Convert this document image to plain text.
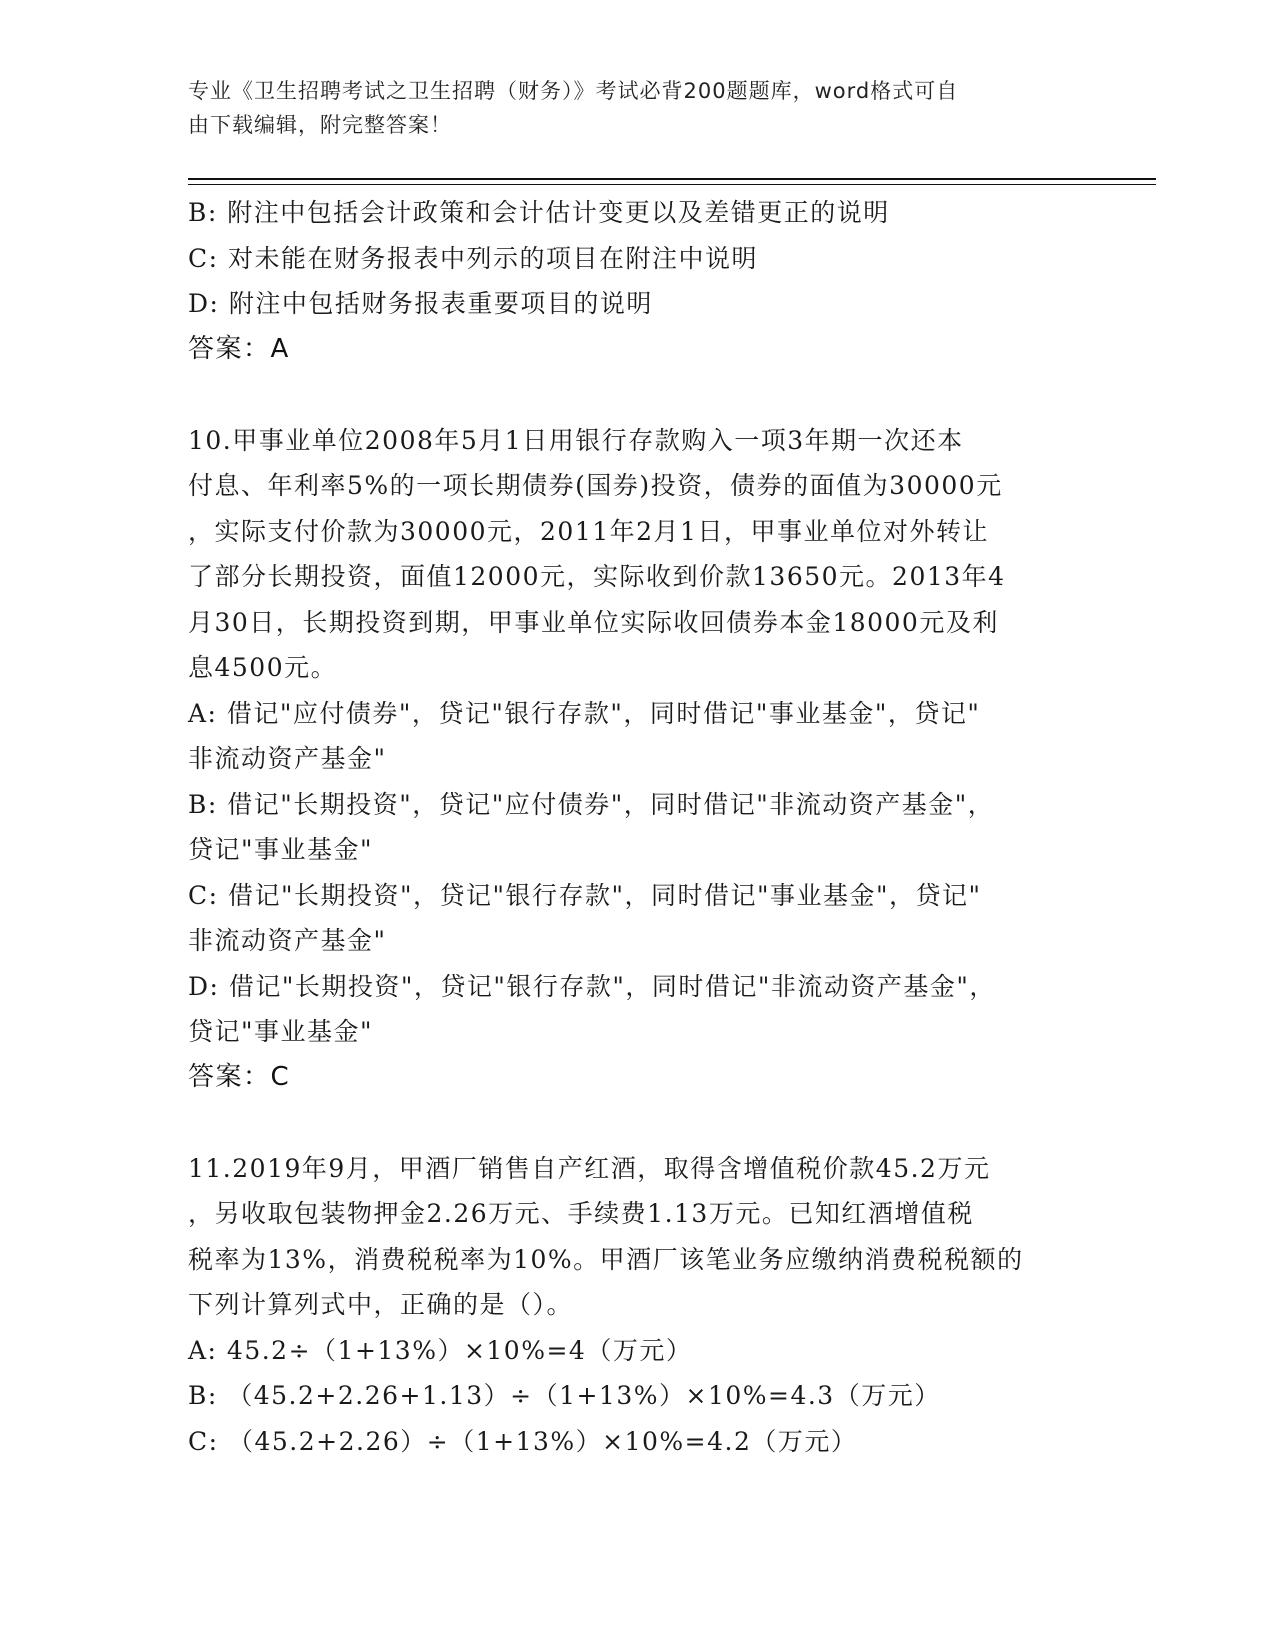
专业《卫生招聘考试之卫生招聘（财务）》考试必背200题题库，word格式可自
由下载编辑，附完整答案！
B: 附注中包括会计政策和会计估计变更以及差错更正的说明
C: 对未能在财务报表中列示的项目在附注中说明
D: 附注中包括财务报表重要项目的说明
答案：A
10.甲事业单位2008年5月1日用银行存款购入一项3年期一次还本
付息、年利率5%的一项长期债券(国券)投资，债券的面值为30000元
，实际支付价款为30000元，2011年2月1日，甲事业单位对外转让
了部分长期投资，面值12000元，实际收到价款13650元。2013年4
月30日，长期投资到期，甲事业单位实际收回债券本金18000元及利
息4500元。
A: 借记"应付债券"，贷记"银行存款"，同时借记"事业基金"，贷记"
非流动资产基金"
B: 借记"长期投资"，贷记"应付债券"，同时借记"非流动资产基金"，
贷记"事业基金"
C: 借记"长期投资"，贷记"银行存款"，同时借记"事业基金"，贷记"
非流动资产基金"
D: 借记"长期投资"，贷记"银行存款"，同时借记"非流动资产基金"，
贷记"事业基金"
答案：C
11.2019年9月，甲酒厂销售自产红酒，取得含增值税价款45.2万元
，另收取包装物押金2.26万元、手续费1.13万元。已知红酒增值税
税率为13%，消费税税率为10%。甲酒厂该笔业务应缴纳消费税税额的
下列计算列式中，正确的是（）。
A: 45.2÷（1+13%）×10%=4（万元）
B: （45.2+2.26+1.13）÷（1+13%）×10%=4.3（万元）
C: （45.2+2.26）÷（1+13%）×10%=4.2（万元）
